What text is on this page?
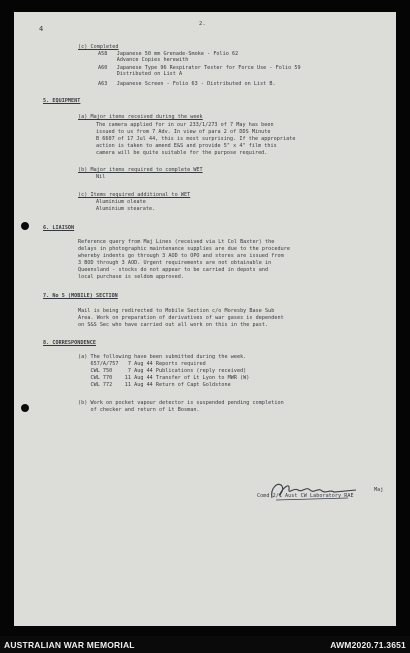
4
2.
(c) Completed
A58   Japanese 50 mm Grenade-Smoke - Folio 62
Advance Copies herewith
A60   Japanese Type 96 Respirator Tester for Force Use - Folio 59
Distributed on List A
A63   Japanese Screen - Folio 63 - Distributed on List B.
5. EQUIPMENT
(a) Major items received during the week
The camera applied for in our 233/1/273 of 7 May has been
issued to us from 7 Adv. In view of para 2 of DDS Minute
B 6607 of 17 Jul 44, this is most surprising. If the appropriate
action is taken to amend E&S and provide 5" x 4" film this
camera will be quite suitable for the purpose required.
(b) Major items required to complete WET
Nil
(c) Items required additional to WET
Aluminium oleate
Aluminium stearate.
6. LIAISON
Reference query from Maj Lines (received via Lt Col Baxter) the
delays in photographic maintenance supplies are due to the procedure
whereby indents go through 3 AOD to OPO and stores are issued from
3 BOD through 3 AOD. Urgent requirements are not obtainable in
Queensland - stocks do not appear to be carried in depots and
local purchase is seldom approved.
7. No 5 (MOBILE) SECTION
Mail is being redirected to Mobile Section c/o Moresby Base Sub
Area. Work on preparation of derivatives of war gases is dependent
on S&S Sec who have carried out all work on this in the past.
8. CORRESPONDENCE
(a) The following have been submitted during the week.
657/A/757   7 Aug 44 Reports required
CWL 750     7 Aug 44 Publications (reply received)
CWL 770    11 Aug 44 Transfer of Lt Lyon to MWR (W)
CWL 772    11 Aug 44 Return of Capt Goldstone
(b) Work on pocket vapour detector is suspended pending completion
of checker and return of Lt Bosman.
Maj
Comd 2/1 Aust CW Laboratory RAE
AUSTRALIAN WAR MEMORIAL	AWM2020.71.3651
